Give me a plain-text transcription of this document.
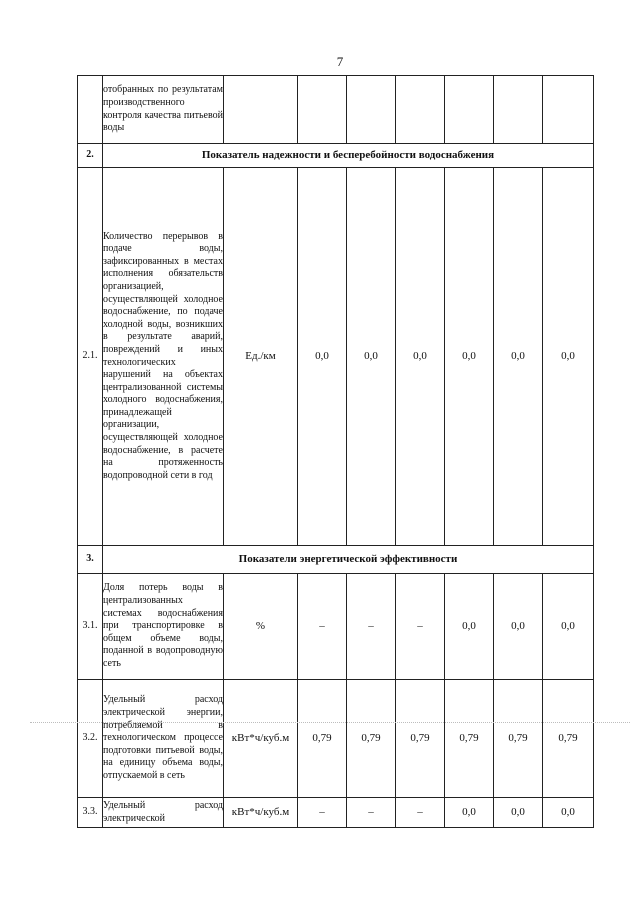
7
	отобранных по результатам производственного контроля качества питьевой воды							
2.	Показатель надежности и бесперебойности водоснабжения							
2.1.	Количество перерывов в подаче воды, зафиксированных в местах исполнения обязательств организацией, осуществляющей холодное водоснабжение, по подаче холодной воды, возникших в результате аварий, повреждений и иных технологических нарушений на объектах централизованной системы холодного водоснабжения, принадлежащей организации, осуществляющей холодное водоснабжение, в расчете на протяженность водопроводной сети в год	Ед./км	0,0	0,0	0,0	0,0	0,0	0,0
3.	Показатели энергетической эффективности							
3.1.	Доля потерь воды в централизованных системах водоснабжения при транспортировке в общем объеме воды, поданной в водопроводную сеть	%	–	–	–	0,0	0,0	0,0
3.2.	Удельный расход электрической энергии, потребляемой в технологическом процессе подготовки питьевой воды, на единицу объема воды, отпускаемой в сеть	кВт*ч/куб.м	0,79	0,79	0,79	0,79	0,79	0,79
3.3.	Удельный расход электрической	кВт*ч/куб.м	–	–	–	0,0	0,0	0,0
